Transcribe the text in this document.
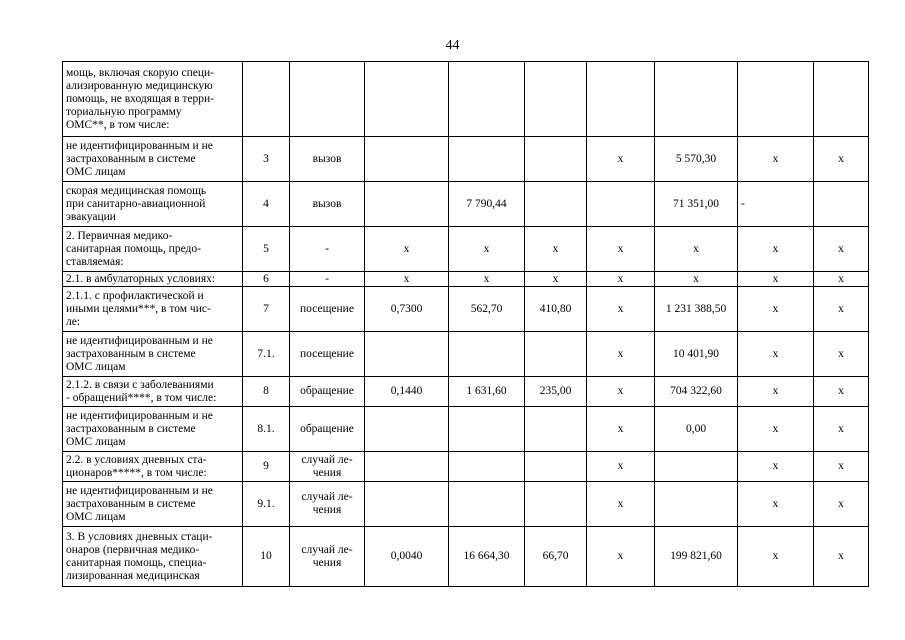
44
мощь, включая скорую специ-
ализированную медицинскую
помощь, не входящая в терри-
ториальную программу
ОМС**, в том числе:									
не идентифицированным и не
застрахованным в системе
ОМС лицам	3	вызов				х	5 570,30	х	х
скорая медицинская помощь
при санитарно-авиационной
эвакуации	4	вызов		7 790,44			71 351,00	-	
2. Первичная медико-
санитарная помощь, предо-
ставляемая:	5	-	х	х	х	х	х	х	х
2.1. в амбулаторных условиях:	6	-	х	х	х	х	х	х	х
2.1.1. с профилактической и
иными целями***, в том чис-
ле:	7	посещение	0,7300	562,70	410,80	х	1 231 388,50	х	х
не идентифицированным и не
застрахованным в системе
ОМС лицам	7.1.	посещение				х	10 401,90	х	х
2.1.2. в связи с заболеваниями
- обращений****, в том числе:	8	обращение	0,1440	1 631,60	235,00	х	704 322,60	х	х
не идентифицированным и не
застрахованным в системе
ОМС лицам	8.1.	обращение				х	0,00	х	х
2.2. в условиях дневных ста-
ционаров*****, в том числе:	9	случай ле-
чения				х		х	х
не идентифицированным и не
застрахованным в системе
ОМС лицам	9.1.	случай ле-
чения				х		х	х
3. В условиях дневных стаци-
онаров (первичная медико-
санитарная помощь, специа-
лизированная медицинская	10	случай ле-
чения	0,0040	16 664,30	66,70	х	199 821,60	х	х
